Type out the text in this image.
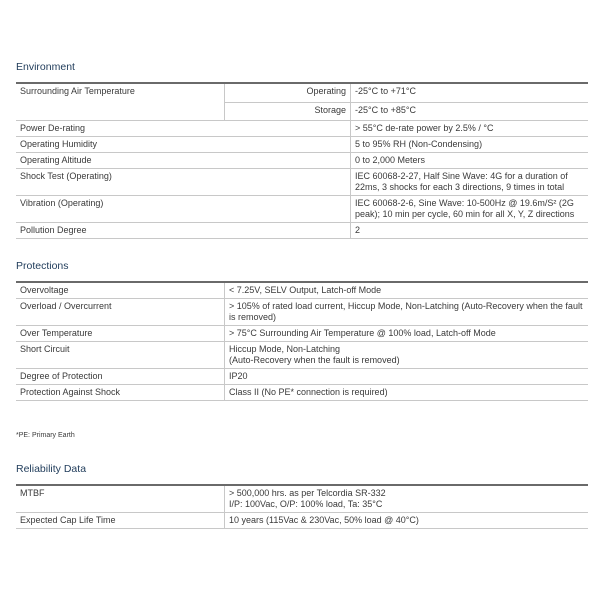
Environment
Surrounding Air Temperature	Operating	-25°C to +71°C
	Storage	-25°C to +85°C
Power De-rating		> 55°C de-rate power by 2.5% / °C
Operating Humidity		5 to 95% RH (Non-Condensing)
Operating Altitude		0 to 2,000 Meters
Shock Test (Operating)		IEC 60068-2-27, Half Sine Wave: 4G for a duration of 22ms, 3 shocks for each 3 directions, 9 times in total
Vibration (Operating)		IEC 60068-2-6, Sine Wave: 10-500Hz @ 19.6m/S² (2G peak); 10 min per cycle, 60 min for all X, Y, Z directions
Pollution Degree		2
Protections
Overvoltage	< 7.25V, SELV Output, Latch-off Mode
Overload / Overcurrent	> 105% of rated load current, Hiccup Mode, Non-Latching (Auto-Recovery when the fault is removed)
Over Temperature	> 75°C Surrounding Air Temperature @ 100% load, Latch-off Mode
Short Circuit	Hiccup Mode, Non-Latching
(Auto-Recovery when the fault is removed)

Degree of Protection	IP20
Protection Against Shock	Class II (No PE* connection is required)
*PE: Primary Earth
Reliability Data
MTBF	> 500,000 hrs. as per Telcordia SR-332
I/P: 100Vac, O/P: 100% load, Ta: 35°C

Expected Cap Life Time	10 years (115Vac & 230Vac, 50% load @ 40°C)
